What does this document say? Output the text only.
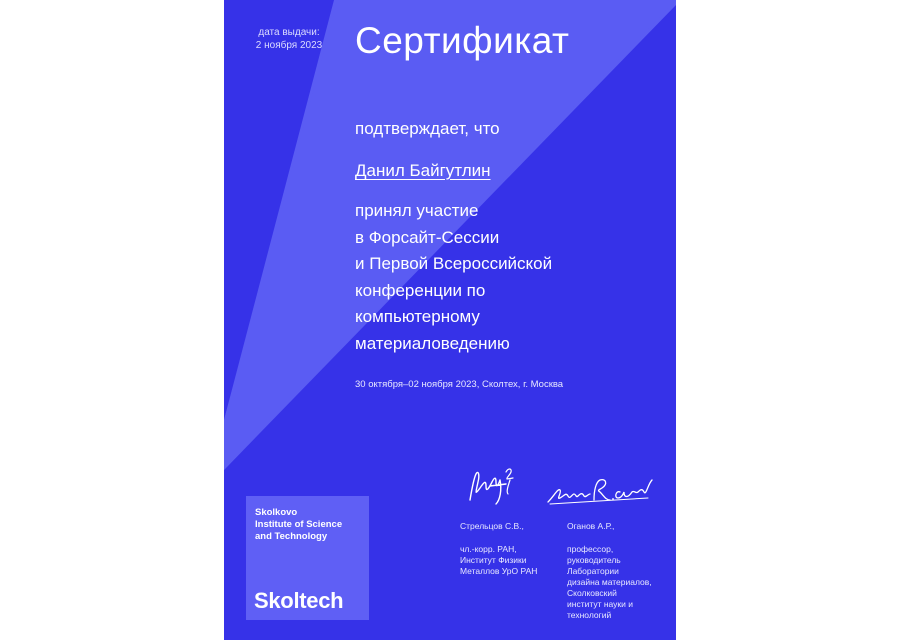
дата выдачи:
2 ноября 2023 Сертификат
подтверждает, что
Данил Байгутлин
принял участие
в Форсайт-Сессии
и Первой Всероссийской
конференции по
компьютерному
материаловедению
30 октября–02 ноября 2023, Сколтех, г. Москва
Стрельцов С.В.,
чл.-корр. РАН,
Институт Физики
Металлов УрО РАН
Оганов А.Р.,
профессор,
руководитель
Лаборатории
дизайна материалов,
Сколковский
институт науки и
технологий
Skolkovo
Institute of Science
and Technology
Skoltech
